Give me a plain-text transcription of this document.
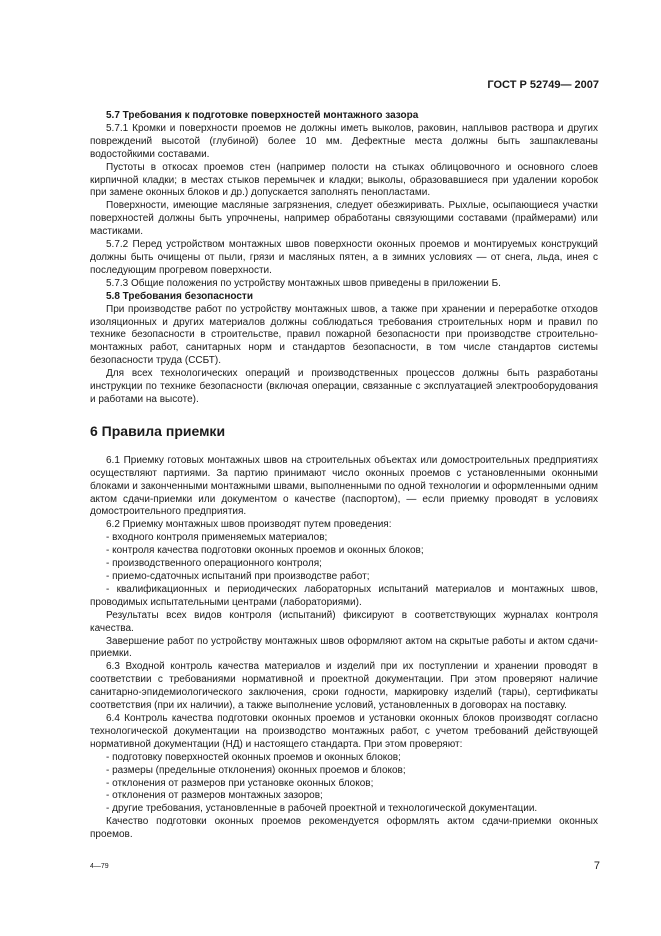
ГОСТ Р 52749— 2007

5.7 Требования к подготовке поверхностей монтажного зазора

5.7.1 Кромки и поверхности проемов не должны иметь выколов, раковин, наплывов раствора и других повреждений высотой (глубиной) более 10 мм. Дефектные места должны быть зашпаклеваны водостойкими составами.

Пустоты в откосах проемов стен (например полости на стыках облицовочного и основного слоев кирпичной кладки; в местах стыков перемычек и кладки; выколы, образовавшиеся при удалении коробок при замене оконных блоков и др.) допускается заполнять пенопластами.

Поверхности, имеющие масляные загрязнения, следует обезжиривать. Рыхлые, осыпающиеся участки поверхностей должны быть упрочнены, например обработаны связующими составами (праймерами) или мастиками.

5.7.2 Перед устройством монтажных швов поверхности оконных проемов и монтируемых конструкций должны быть очищены от пыли, грязи и масляных пятен, а в зимних условиях — от снега, льда, инея с последующим прогревом поверхности.

5.7.3 Общие положения по устройству монтажных швов приведены в приложении Б.

5.8 Требования безопасности

При производстве работ по устройству монтажных швов, а также при хранении и переработке отходов изоляционных и других материалов должны соблюдаться требования строительных норм и правил по технике безопасности в строительстве, правил пожарной безопасности при производстве строительно-монтажных работ, санитарных норм и стандартов безопасности, в том числе стандартов системы безопасности труда (ССБТ).

Для всех технологических операций и производственных процессов должны быть разработаны инструкции по технике безопасности (включая операции, связанные с эксплуатацией электрооборудования и работами на высоте).

6 Правила приемки

6.1 Приемку готовых монтажных швов на строительных объектах или домостроительных предприятиях осуществляют партиями. За партию принимают число оконных проемов с установленными оконными блоками и законченными монтажными швами, выполненными по одной технологии и оформленными одним актом сдачи-приемки или документом о качестве (паспортом), — если приемку проводят в условиях домостроительного предприятия.

6.2 Приемку монтажных швов производят путем проведения:

- входного контроля применяемых материалов;

- контроля качества подготовки оконных проемов и оконных блоков;

- производственного операционного контроля;

- приемо-сдаточных испытаний при производстве работ;

- квалификационных и периодических лабораторных испытаний материалов и монтажных швов, проводимых испытательными центрами (лабораториями).

Результаты всех видов контроля (испытаний) фиксируют в соответствующих журналах контроля качества.

Завершение работ по устройству монтажных швов оформляют актом на скрытые работы и актом сдачи-приемки.

6.3 Входной контроль качества материалов и изделий при их поступлении и хранении проводят в соответствии с требованиями нормативной и проектной документации. При этом проверяют наличие санитарно-эпидемиологического заключения, сроки годности, маркировку изделий (тары), сертификаты соответствия (при их наличии), а также выполнение условий, установленных в договорах на поставку.

6.4 Контроль качества подготовки оконных проемов и установки оконных блоков производят согласно технологической документации на производство монтажных работ, с учетом требований действующей нормативной документации (НД) и настоящего стандарта. При этом проверяют:

- подготовку поверхностей оконных проемов и оконных блоков;

- размеры (предельные отклонения) оконных проемов и блоков;

- отклонения от размеров при установке оконных блоков;

- отклонения от размеров монтажных зазоров;

- другие требования, установленные в рабочей проектной и технологической документации.

Качество подготовки оконных проемов рекомендуется оформлять актом сдачи-приемки оконных проемов.

4—79	7
